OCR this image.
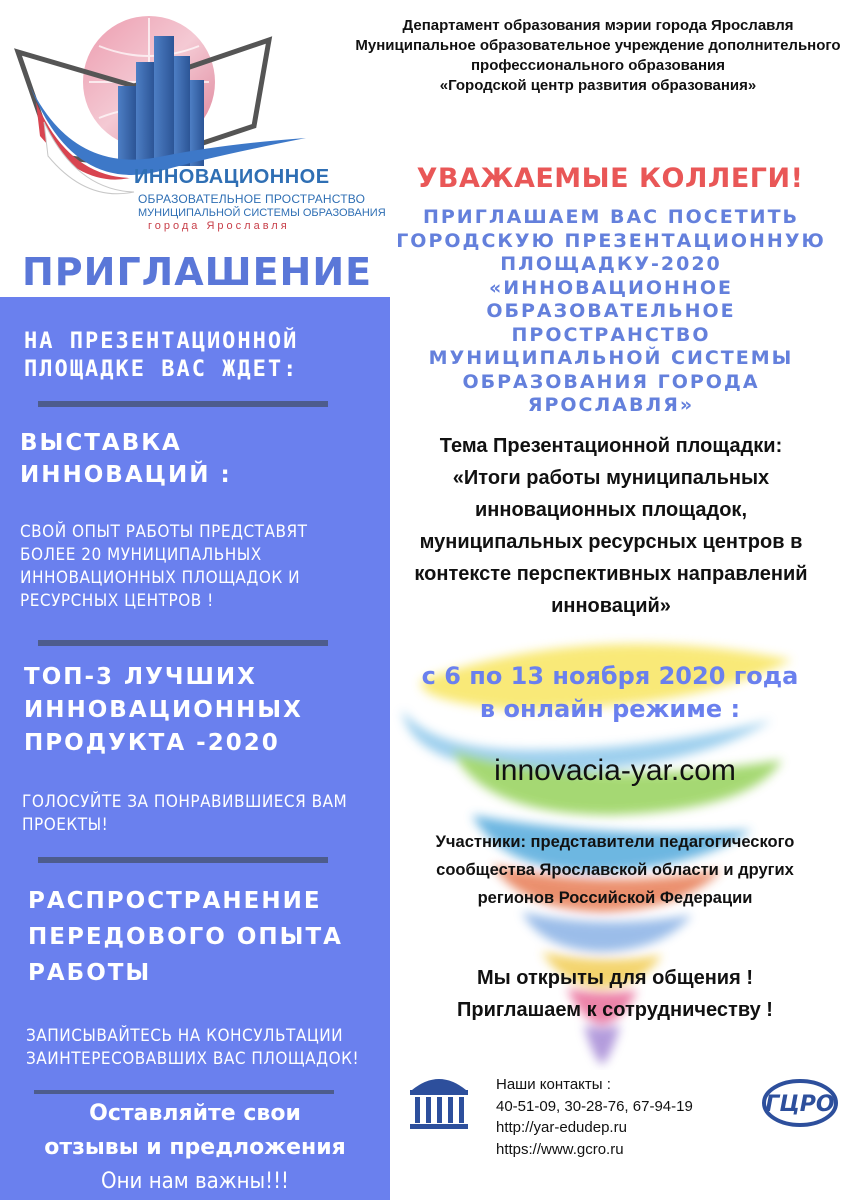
ИННОВАЦИОННОЕ
ОБРАЗОВАТЕЛЬНОЕ ПРОСТРАНСТВО
МУНИЦИПАЛЬНОЙ СИСТЕМЫ ОБРАЗОВАНИЯ
города Ярославля
ПРИГЛАШЕНИЕ
НА ПРЕЗЕНТАЦИОННОЙ
ПЛОЩАДКЕ ВАС ЖДЕТ:
ВЫСТАВКА
ИННОВАЦИЙ :
СВОЙ ОПЫТ РАБОТЫ ПРЕДСТАВЯТ
БОЛЕЕ 20 МУНИЦИПАЛЬНЫХ
ИННОВАЦИОННЫХ ПЛОЩАДОК И
РЕСУРСНЫХ ЦЕНТРОВ !
ТОП-3 ЛУЧШИХ
ИННОВАЦИОННЫХ
ПРОДУКТА -2020
ГОЛОСУЙТЕ ЗА ПОНРАВИВШИЕСЯ ВАМ
ПРОЕКТЫ!
РАСПРОСТРАНЕНИЕ
ПЕРЕДОВОГО ОПЫТА
РАБОТЫ
ЗАПИСЫВАЙТЕСЬ НА КОНСУЛЬТАЦИИ
ЗАИНТЕРЕСОВАВШИХ ВАС ПЛОЩАДОК!
Оставляйте свои
отзывы и предложения
Они нам важны!!!
Департамент образования мэрии города Ярославля
Муниципальное образовательное учреждение дополнительного
профессионального образования
«Городской центр развития образования»
УВАЖАЕМЫЕ КОЛЛЕГИ!
ПРИГЛАШАЕМ ВАС ПОСЕТИТЬ
ГОРОДСКУЮ ПРЕЗЕНТАЦИОННУЮ
ПЛОЩАДКУ-2020
«ИННОВАЦИОННОЕ
ОБРАЗОВАТЕЛЬНОЕ ПРОСТРАНСТВО
МУНИЦИПАЛЬНОЙ СИСТЕМЫ
ОБРАЗОВАНИЯ ГОРОДА
ЯРОСЛАВЛЯ»
Тема Презентационной площадки:
«Итоги работы муниципальных
инновационных площадок,
муниципальных ресурсных центров в
контексте перспективных направлений
инноваций»
с 6 по 13 ноября 2020 года
в онлайн режиме :
innovacia-yar.com
Участники: представители педагогического
сообщества Ярославской области и других
регионов Российской Федерации
Мы открыты для общения !
Приглашаем к сотрудничеству !
Наши контакты :
40-51-09, 30-28-76, 67-94-19
http://yar-edudep.ru
https://www.gcro.ru
ГЦРО
